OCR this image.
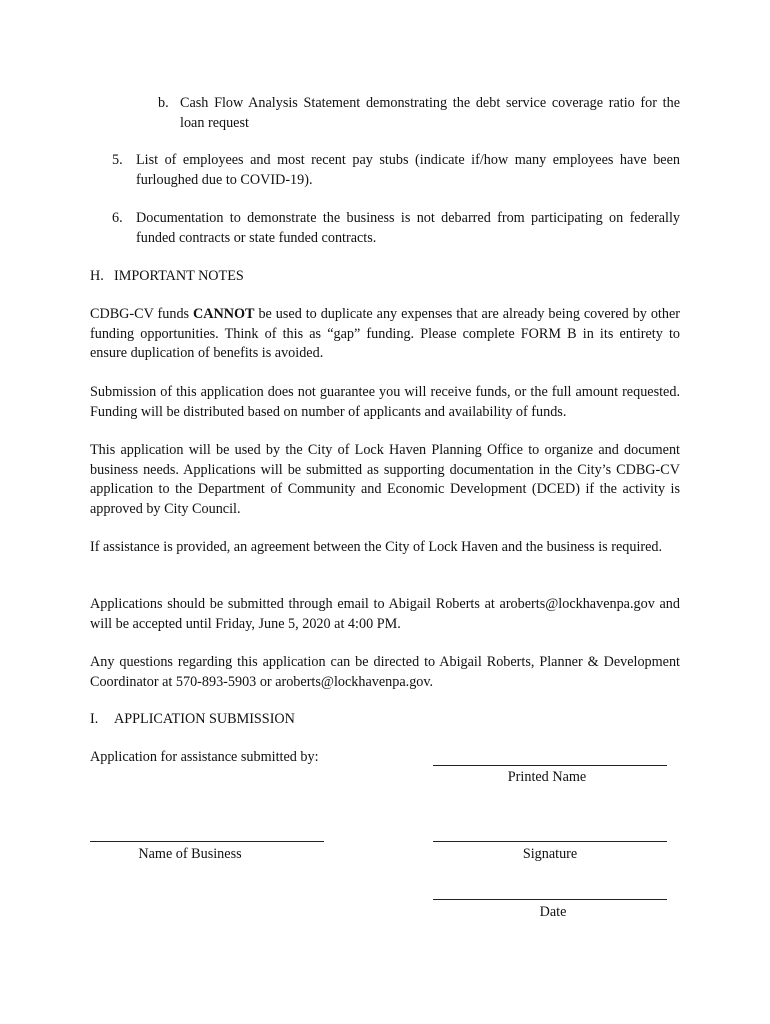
b. Cash Flow Analysis Statement demonstrating the debt service coverage ratio for the loan request
5. List of employees and most recent pay stubs (indicate if/how many employees have been furloughed due to COVID-19).
6. Documentation to demonstrate the business is not debarred from participating on federally funded contracts or state funded contracts.
H. IMPORTANT NOTES
CDBG-CV funds CANNOT be used to duplicate any expenses that are already being covered by other funding opportunities. Think of this as “gap” funding. Please complete FORM B in its entirety to ensure duplication of benefits is avoided.
Submission of this application does not guarantee you will receive funds, or the full amount requested. Funding will be distributed based on number of applicants and availability of funds.
This application will be used by the City of Lock Haven Planning Office to organize and document business needs. Applications will be submitted as supporting documentation in the City’s CDBG-CV application to the Department of Community and Economic Development (DCED) if the activity is approved by City Council.
If assistance is provided, an agreement between the City of Lock Haven and the business is required.
Applications should be submitted through email to Abigail Roberts at aroberts@lockhavenpa.gov and will be accepted until Friday, June 5, 2020 at 4:00 PM.
Any questions regarding this application can be directed to Abigail Roberts, Planner & Development Coordinator at 570-893-5903 or aroberts@lockhavenpa.gov.
I. APPLICATION SUBMISSION
Application for assistance submitted by:
Printed Name
Name of Business	Signature
Date
